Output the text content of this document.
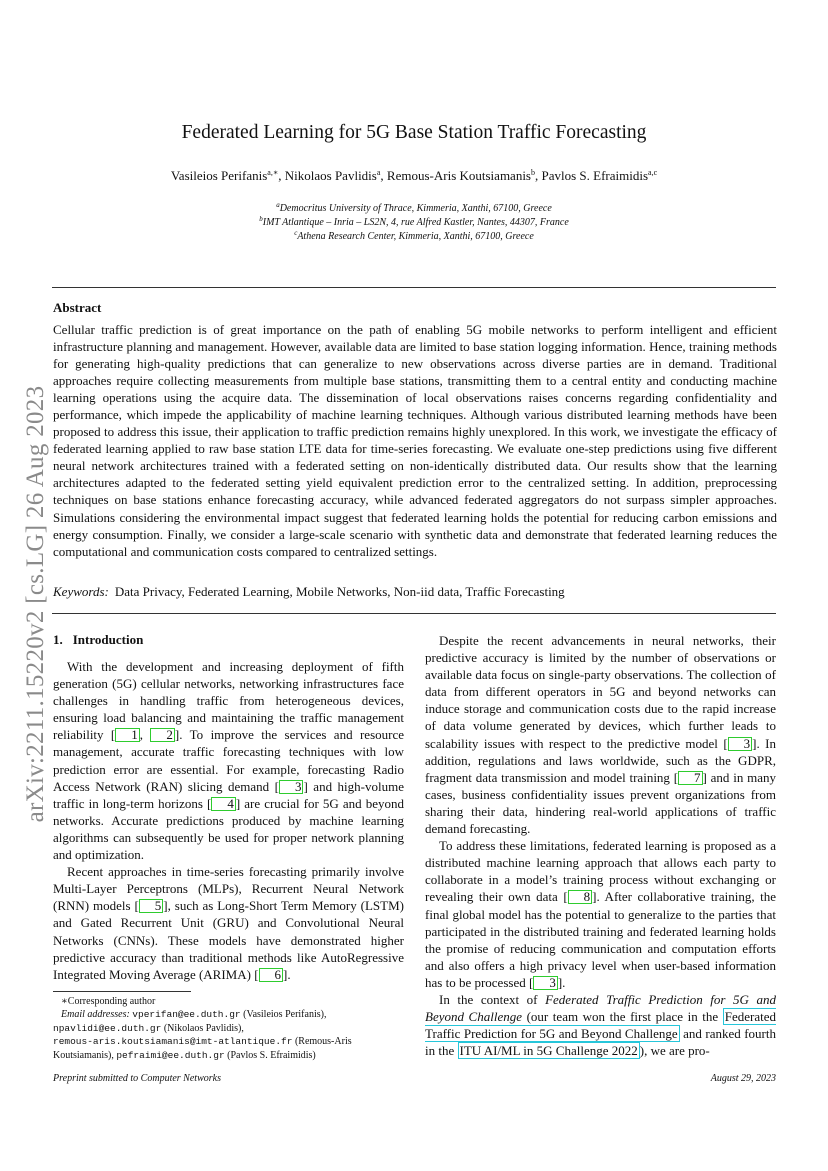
arXiv:2211.15220v2 [cs.LG] 26 Aug 2023
Federated Learning for 5G Base Station Traffic Forecasting
Vasileios Perifanis$^{a,∗}$, Nikolaos Pavlidis$^a$, Remous-Aris Koutsiamanis$^b$, Pavlos S. Efraimidis$^{a,c}$
$^a$Democritus University of Thrace, Kimmeria, Xanthi, 67100, Greece
$^b$IMT Atlantique – Inria – LS2N, 4, rue Alfred Kastler, Nantes, 44307, France
$^c$Athena Research Center, Kimmeria, Xanthi, 67100, Greece
Abstract
Cellular traffic prediction is of great importance on the path of enabling 5G mobile networks to perform intelligent and efficient infrastructure planning and management. However, available data are limited to base station logging information. Hence, training methods for generating high-quality predictions that can generalize to new observations across diverse parties are in demand. Traditional approaches require collecting measurements from multiple base stations, transmitting them to a central entity and conducting machine learning operations using the acquire data. The dissemination of local observations raises concerns regarding confidentiality and performance, which impede the applicability of machine learning techniques. Although various distributed learning methods have been proposed to address this issue, their application to traffic prediction remains highly unexplored. In this work, we investigate the efficacy of federated learning applied to raw base station LTE data for time-series forecasting. We evaluate one-step predictions using five different neural network architectures trained with a federated setting on non-identically distributed data. Our results show that the learning architectures adapted to the federated setting yield equivalent prediction error to the centralized setting. In addition, preprocessing techniques on base stations enhance forecasting accuracy, while advanced federated aggregators do not surpass simpler approaches. Simulations considering the environmental impact suggest that federated learning holds the potential for reducing carbon emissions and energy consumption. Finally, we consider a large-scale scenario with synthetic data and demonstrate that federated learning reduces the computational and communication costs compared to centralized settings.
Keywords: Data Privacy, Federated Learning, Mobile Networks, Non-iid data, Traffic Forecasting
1. Introduction

With the development and increasing deployment of fifth generation (5G) cellular networks, networking infrastructures face challenges in handling traffic from heterogeneous devices, ensuring load balancing and maintaining the traffic management reliability [ 1 , 2 ]. To improve the services and resource management, accurate traffic forecasting techniques with low prediction error are essential. For example, forecasting Radio Access Network (RAN) slicing demand [ 3 ] and high-volume traffic in long-term horizons [ 4 ] are crucial for 5G and beyond networks. Accurate predictions produced by machine learning algorithms can subsequently be used for proper network planning and optimization.

Recent approaches in time-series forecasting primarily involve Multi-Layer Perceptrons (MLPs), Recurrent Neural Network (RNN) models [ 5 ], such as Long-Short Term Memory (LSTM) and Gated Recurrent Unit (GRU) and Convolutional Neural Networks (CNNs). These models have demonstrated higher predictive accuracy than traditional methods like AutoRegressive Integrated Moving Average (ARIMA) [ 6 ].

Despite the recent advancements in neural networks, their predictive accuracy is limited by the number of observations or available data focus on single-party observations. The collection of data from different operators in 5G and beyond networks can induce storage and communication costs due to the rapid increase of data volume generated by devices, which further leads to scalability issues with respect to the predictive model [ 3 ]. In addition, regulations and laws worldwide, such as the GDPR, fragment data transmission and model training [ 7 ] and in many cases, business confidentiality issues prevent organizations from sharing their data, hindering real-world applications of traffic demand forecasting.

To address these limitations, federated learning is proposed as a distributed machine learning approach that allows each party to collaborate in a model’s training process without exchanging or revealing their own data [ 8 ]. After collaborative training, the final global model has the potential to generalize to the parties that participated in the distributed training and federated learning holds the promise of reducing communication and computation efforts and also offers a high privacy level when user-based information has to be processed [ 3 ].

In the context of Federated Traffic Prediction for 5G and Beyond Challenge (our team won the first place in the Federated Traffic Prediction for 5G and Beyond Challenge and ranked fourth in the ITU AI/ML in 5G Challenge 2022 ), we are pro-

∗Corresponding author

Email addresses: vperifan@ee.duth.gr (Vasileios Perifanis),
npavlidi@ee.duth.gr (Nikolaos Pavlidis),
remous-aris.koutsiamanis@imt-atlantique.fr (Remous-Aris Koutsiamanis), pefraimi@ee.duth.gr (Pavlos S. Efraimidis)

Preprint submitted to Computer Networks	August 29, 2023
